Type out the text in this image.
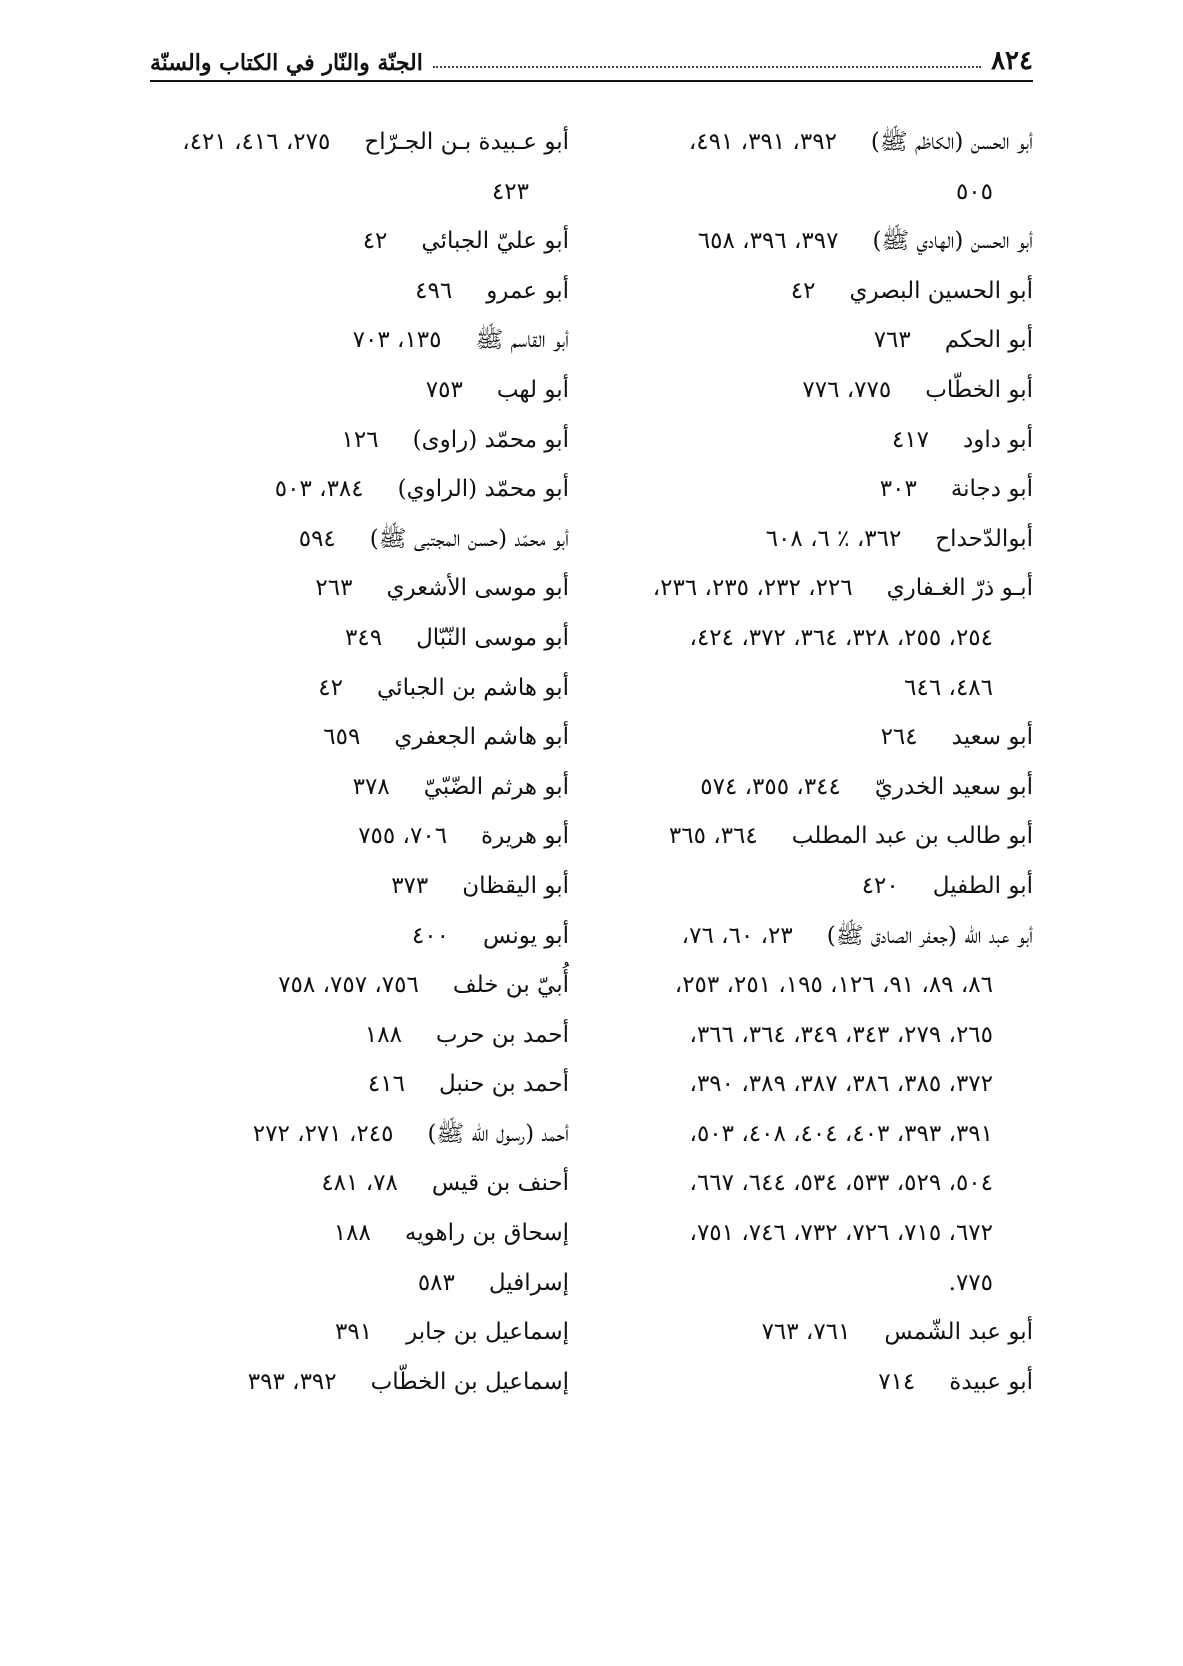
٨٢٤
الجنّة والنّار في الكتاب والسنّة
أبو الحسن (الكاظم ﷺ)٣٩٢، ٣٩١، ٤٩١،
٥٠٥
أبو الحسن (الهادي ﷺ)٣٩٧، ٣٩٦، ٦٥٨
أبو الحسين البصري٤٢
أبو الحكم٧٦٣
أبو الخطّاب٧٧٥، ٧٧٦
أبو داود٤١٧
أبو دجانة٣٠٣
أبوالدّحداح٣٦٢، ٪ ٦، ٦٠٨
أبـو ذرّ الغـفاري٢٢٦، ٢٣٢، ٢٣٥، ٢٣٦،
٢٥٤، ٢٥٥، ٣٢٨، ٣٦٤، ٣٧٢، ٤٢٤،
٤٨٦، ٦٤٦
أبو سعيد٢٦٤
أبو سعيد الخدريّ٣٤٤، ٣٥٥، ٥٧٤
أبو طالب بن عبد المطلب٣٦٤، ٣٦٥
أبو الطفيل٤٢٠
أبو عبد الله (جعفر الصادق ﷺ)٢٣، ٦٠، ٧٦،
٨٦، ٨٩، ٩١، ١٢٦، ١٩٥، ٢٥١، ٢٥٣،
٢٦٥، ٢٧٩، ٣٤٣، ٣٤٩، ٣٦٤، ٣٦٦،
٣٧٢، ٣٨٥، ٣٨٦، ٣٨٧، ٣٨٩، ٣٩٠،
٣٩١، ٣٩٣، ٤٠٣، ٤٠٤، ٤٠٨، ٥٠٣،
٥٠٤، ٥٢٩، ٥٣٣، ٥٣٤، ٦٤٤، ٦٦٧،
٦٧٢، ٧١٥، ٧٢٦، ٧٣٢، ٧٤٦، ٧٥١،
٧٧٥.
أبو عبد الشّمس٧٦١، ٧٦٣
أبو عبيدة٧١٤
أبو عـبيدة بـن الجـرّاح٢٧٥، ٤١٦، ٤٢١،
٤٢٣
أبو عليّ الجبائي٤٢
أبو عمرو٤٩٦
أبو القاسم ﷺ١٣٥، ٧٠٣
أبو لهب٧٥٣
أبو محمّد (راوى)١٢٦
أبو محمّد (الراوي)٣٨٤، ٥٠٣
أبو محمّد (حسن المجتبى ﷺ)٥٩٤
أبو موسى الأشعري٢٦٣
أبو موسى النّبّال٣٤٩
أبو هاشم بن الجبائي٤٢
أبو هاشم الجعفري٦٥٩
أبو هرثم الضّبّيّ٣٧٨
أبو هريرة٧٠٦، ٧٥٥
أبو اليقظان٣٧٣
أبو يونس٤٠٠
أُبيّ بن خلف٧٥٦، ٧٥٧، ٧٥٨
أحمد بن حرب١٨٨
أحمد بن حنبل٤١٦
أحمد (رسول الله ﷺ)٢٤٥، ٢٧١، ٢٧٢
أحنف بن قيس٧٨، ٤٨١
إسحاق بن راهويه١٨٨
إسرافيل٥٨٣
إسماعيل بن جابر٣٩١
إسماعيل بن الخطّاب٣٩٢، ٣٩٣
